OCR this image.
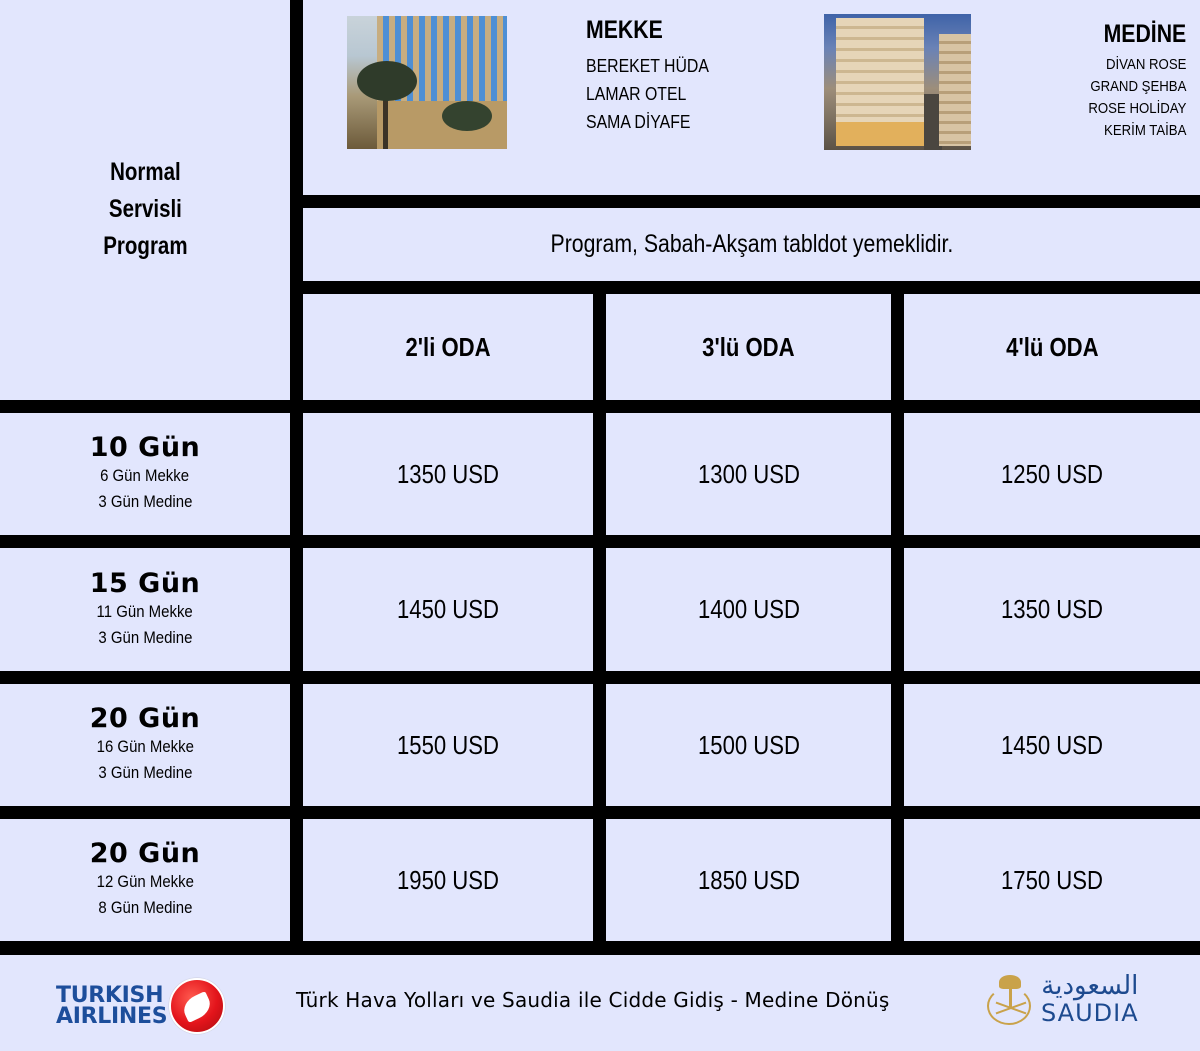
Normal
Servisli
Program
MEKKE
BEREKET HÜDA
LAMAR OTEL
SAMA DİYAFE
MEDİNE
DİVAN ROSE
GRAND ŞEHBA
ROSE HOLİDAY
KERİM TAİBA
Program, Sabah-Akşam tabldot yemeklidir.
2'li ODA	3'lü ODA	4'lü ODA
10 Gün
6 Gün Mekke
3 Gün Medine
1350 USD	1300 USD	1250 USD
15 Gün
11 Gün Mekke
3 Gün Medine
1450 USD	1400 USD	1350 USD
20 Gün
16 Gün Mekke
3 Gün Medine
1550 USD	1500 USD	1450 USD
20 Gün
12 Gün Mekke
8 Gün Medine
1950 USD	1850 USD	1750 USD
TURKISH
AIRLINES
Türk Hava Yolları ve Saudia ile Cidde Gidiş - Medine Dönüş	السعودية
SAUDIA
